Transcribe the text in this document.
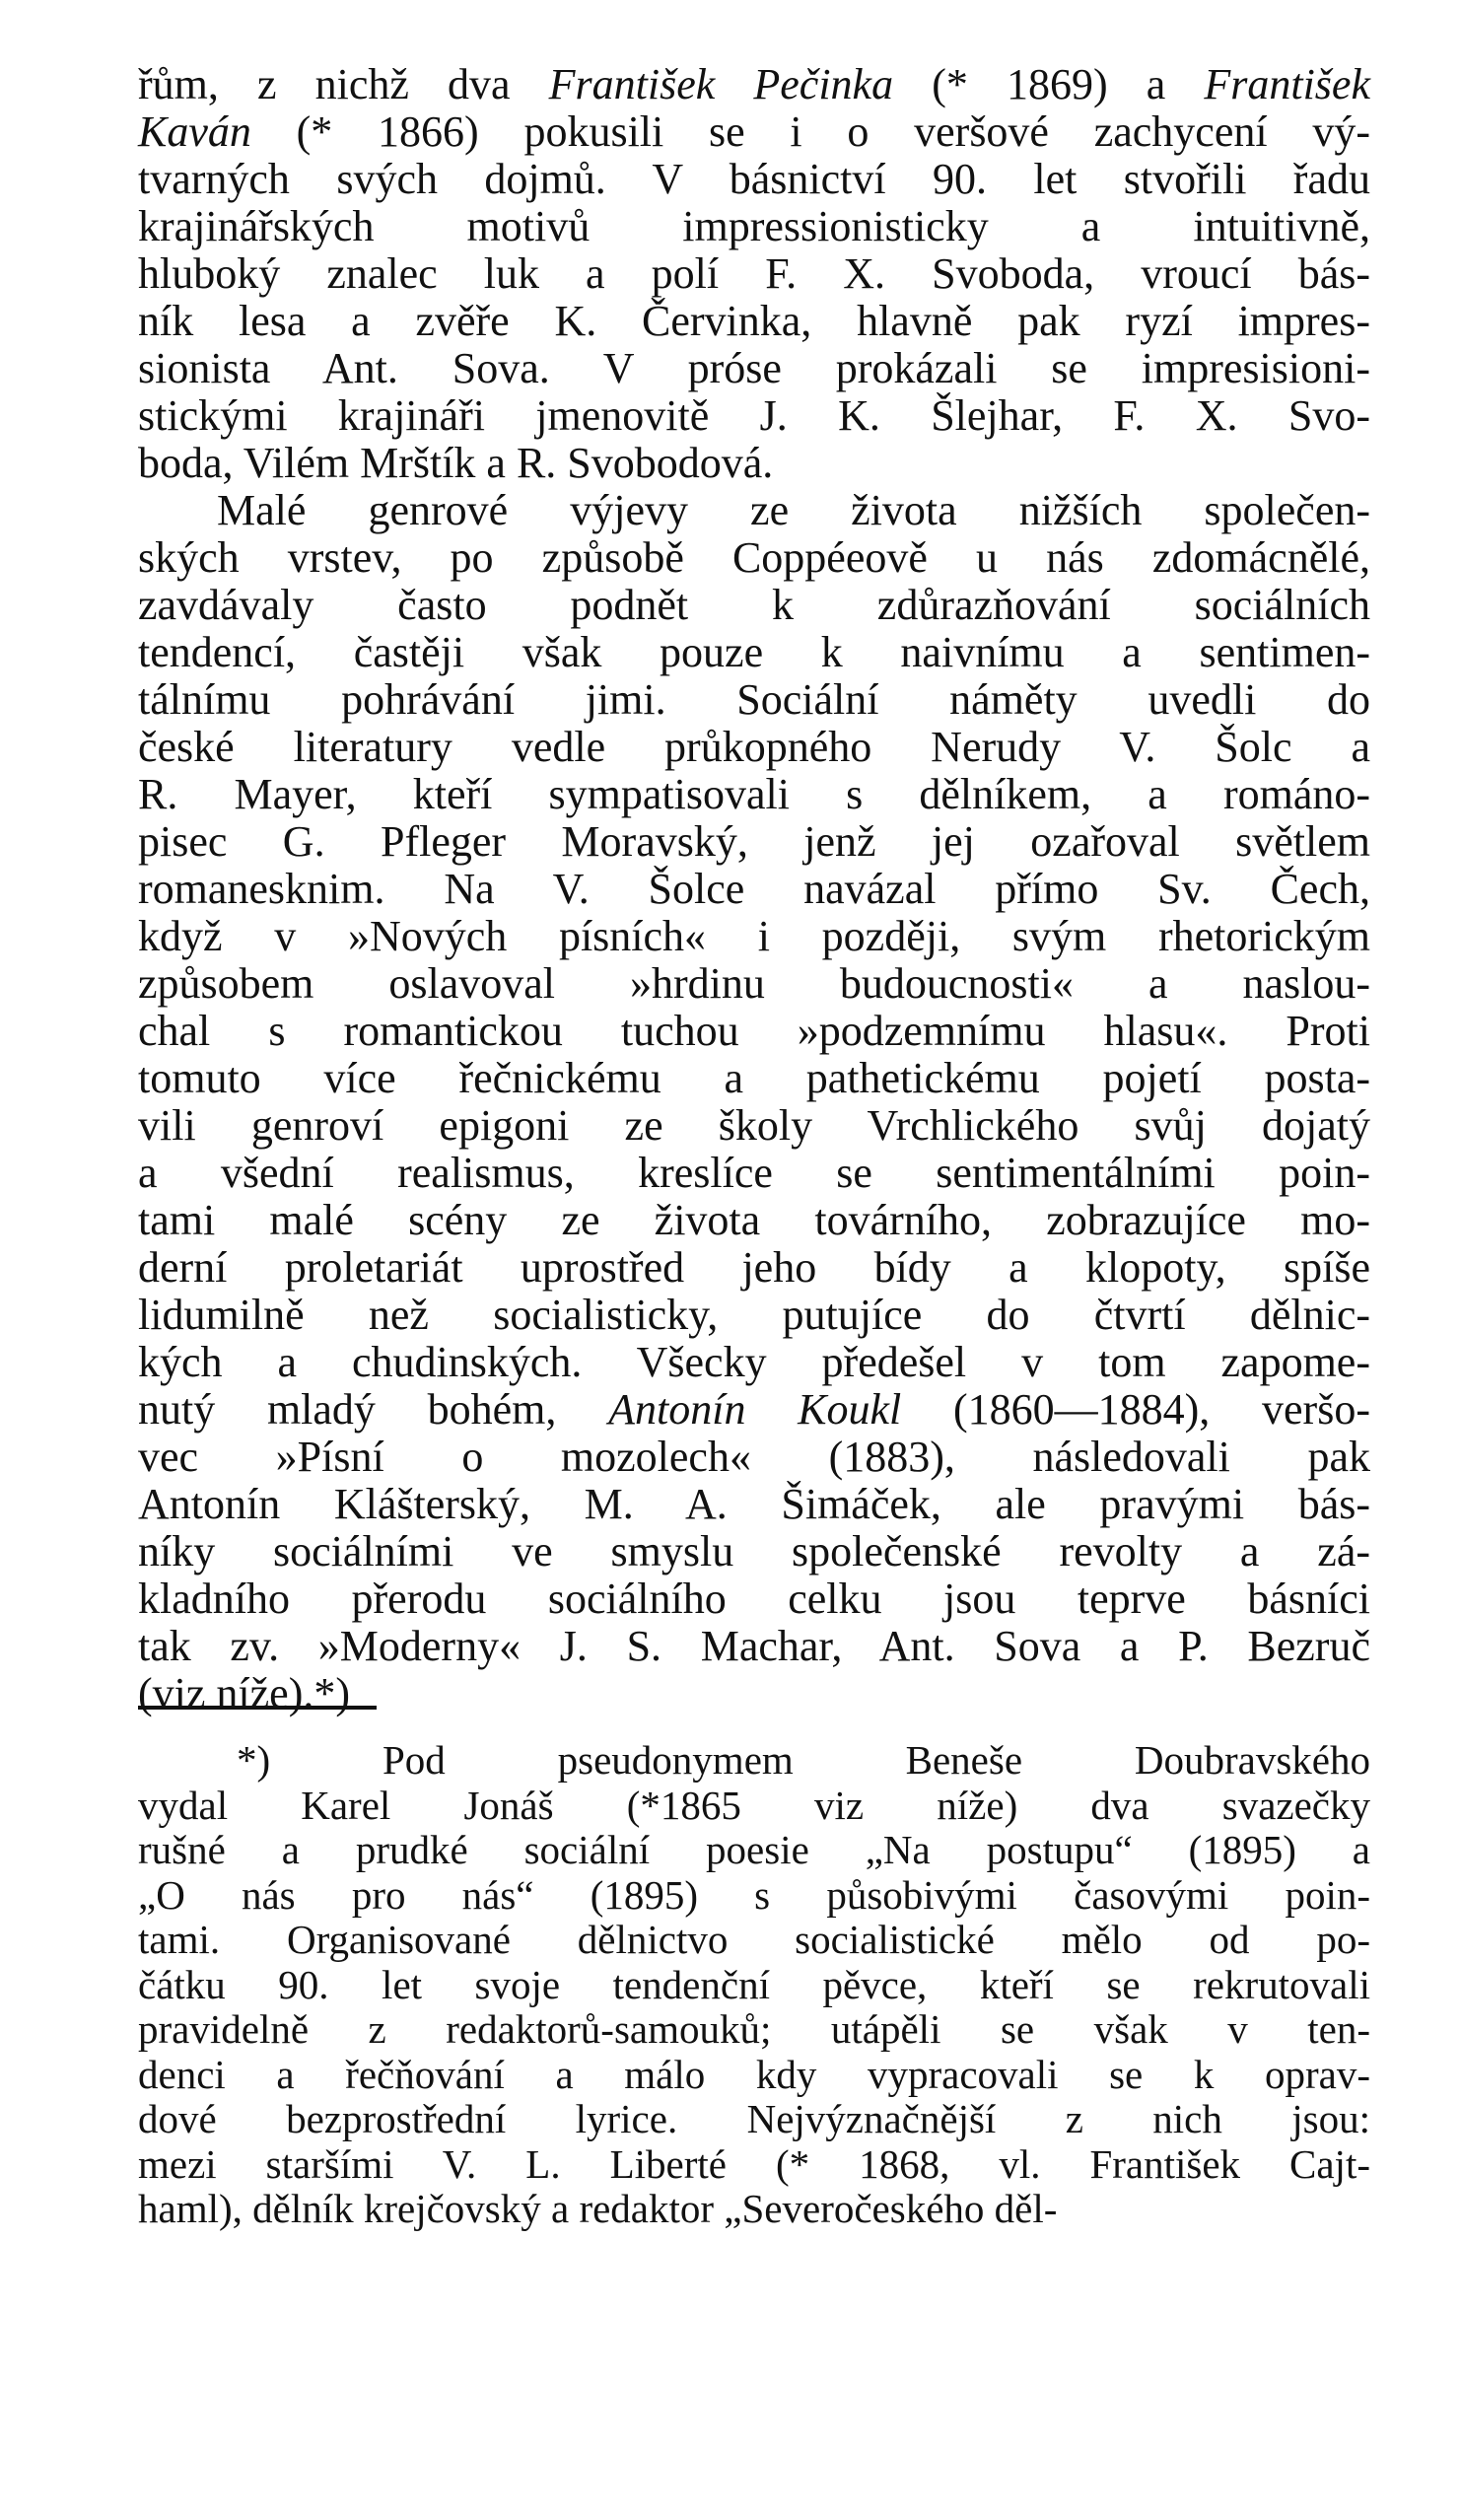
řům, z nichž dva František Pečinka (* 1869) a František
Kaván (* 1866) pokusili se i o veršové zachycení vý-
tvarných svých dojmů. V básnictví 90. let stvořili řadu
krajinářských motivů impressionisticky a intuitivně,
hluboký znalec luk a polí F. X. Svoboda, vroucí bás-
ník lesa a zvěře K. Červinka, hlavně pak ryzí impres-
sionista Ant. Sova. V próse prokázali se impresisioni-
stickými krajináři jmenovitě J. K. Šlejhar, F. X. Svo-
boda, Vilém Mrštík a R. Svobodová.
Malé genrové výjevy ze života nižších společen-
ských vrstev, po způsobě Coppéeově u nás zdomácnělé,
zavdávaly často podnět k zdůrazňování sociálních
tendencí, častěji však pouze k naivnímu a sentimen-
tálnímu pohrávání jimi. Sociální náměty uvedli do
české literatury vedle průkopného Nerudy V. Šolc a
R. Mayer, kteří sympatisovali s dělníkem, a románo-
pisec G. Pfleger Moravský, jenž jej ozařoval světlem
romanesknim. Na V. Šolce navázal přímo Sv. Čech,
když v »Nových písních« i později, svým rhetorickým
způsobem oslavoval »hrdinu budoucnosti« a naslou-
chal s romantickou tuchou »podzemnímu hlasu«. Proti
tomuto více řečnickému a pathetickému pojetí posta-
vili genroví epigoni ze školy Vrchlického svůj dojatý
a všední realismus, kreslíce se sentimentálními poin-
tami malé scény ze života továrního, zobrazujíce mo-
derní proletariát uprostřed jeho bídy a klopoty, spíše
lidumilně než socialisticky, putujíce do čtvrtí dělnic-
kých a chudinských. Všecky předešel v tom zapome-
nutý mladý bohém, Antonín Koukl (1860—1884), veršo-
vec »Písní o mozolech« (1883), následovali pak
Antonín Klášterský, M. A. Šimáček, ale pravými bás-
níky sociálními ve smyslu společenské revolty a zá-
kladního přerodu sociálního celku jsou teprve básníci
tak zv. »Moderny« J. S. Machar, Ant. Sova a P. Bezruč
(viz níže).*)
*) Pod pseudonymem Beneše Doubravského
vydal Karel Jonáš (*1865 viz níže) dva svazečky
rušné a prudké sociální poesie „Na postupu“ (1895) a
„O nás pro nás“ (1895) s působivými časovými poin-
tami. Organisované dělnictvo socialistické mělo od po-
čátku 90. let svoje tendenční pěvce, kteří se rekrutovali
pravidelně z redaktorů-samouků; utápěli se však v ten-
denci a řečňování a málo kdy vypracovali se k oprav-
dové bezprostřední lyrice. Nejvýznačnější z nich jsou:
mezi staršími V. L. Liberté (* 1868, vl. František Cajt-
haml), dělník krejčovský a redaktor „Severočeského děl-
